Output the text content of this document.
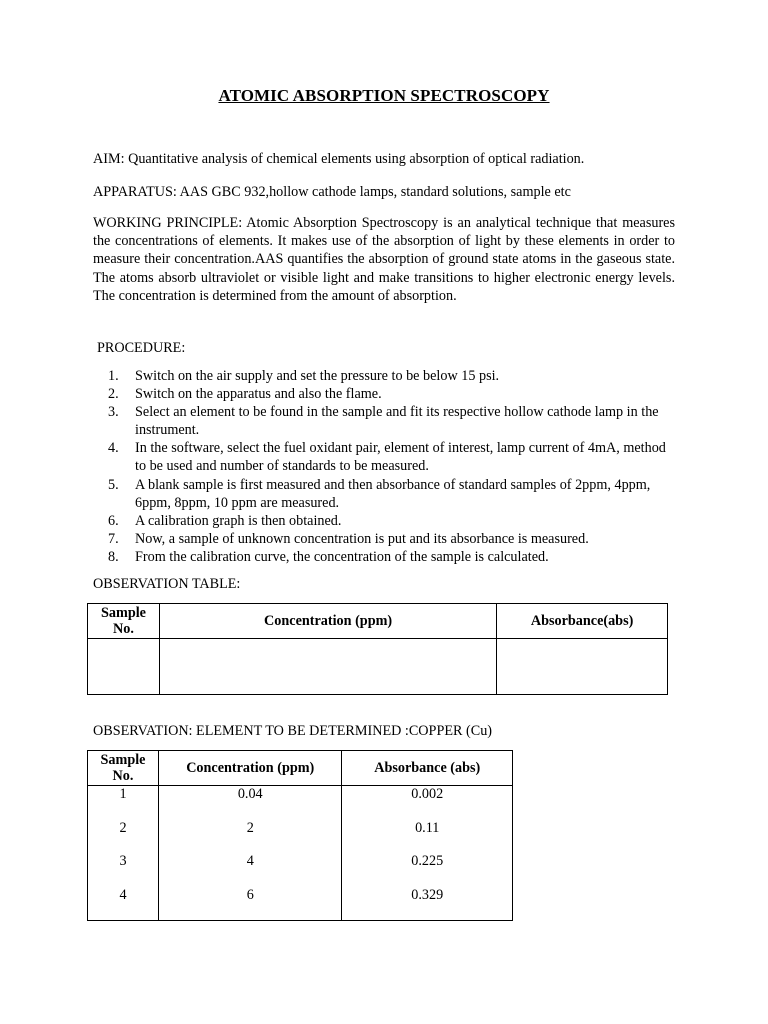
ATOMIC ABSORPTION SPECTROSCOPY
AIM: Quantitative analysis of chemical elements using absorption of optical radiation.
APPARATUS: AAS GBC 932,hollow cathode lamps, standard solutions, sample etc
WORKING PRINCIPLE: Atomic Absorption Spectroscopy is an analytical technique that measures the concentrations of elements. It makes use of the absorption of light by these elements in order to measure their concentration.AAS quantifies the absorption of ground state atoms in the gaseous state. The atoms absorb ultraviolet or visible light and make transitions to higher electronic energy levels. The concentration is determined from the amount of absorption.
PROCEDURE:
1. Switch on the air supply and set the pressure to be below 15 psi.
2. Switch on the apparatus and also the flame.
3. Select an element to be found in the sample and fit its respective hollow cathode lamp in the instrument.
4. In the software, select the fuel oxidant pair, element of interest, lamp current of 4mA, method to be used and number of standards to be measured.
5. A blank sample is first measured and then absorbance of standard samples of 2ppm, 4ppm, 6ppm, 8ppm, 10 ppm are measured.
6. A calibration graph is then obtained.
7. Now, a sample of unknown concentration is put and its absorbance is measured.
8. From the calibration curve, the concentration of the sample is calculated.
OBSERVATION TABLE:
Sample No.	Concentration (ppm)	Absorbance(abs)

OBSERVATION: ELEMENT TO BE DETERMINED :COPPER (Cu)
Sample No.	Concentration (ppm)	Absorbance (abs)
1	0.04	0.002
2	2	0.11
3	4	0.225
4	6	0.329
